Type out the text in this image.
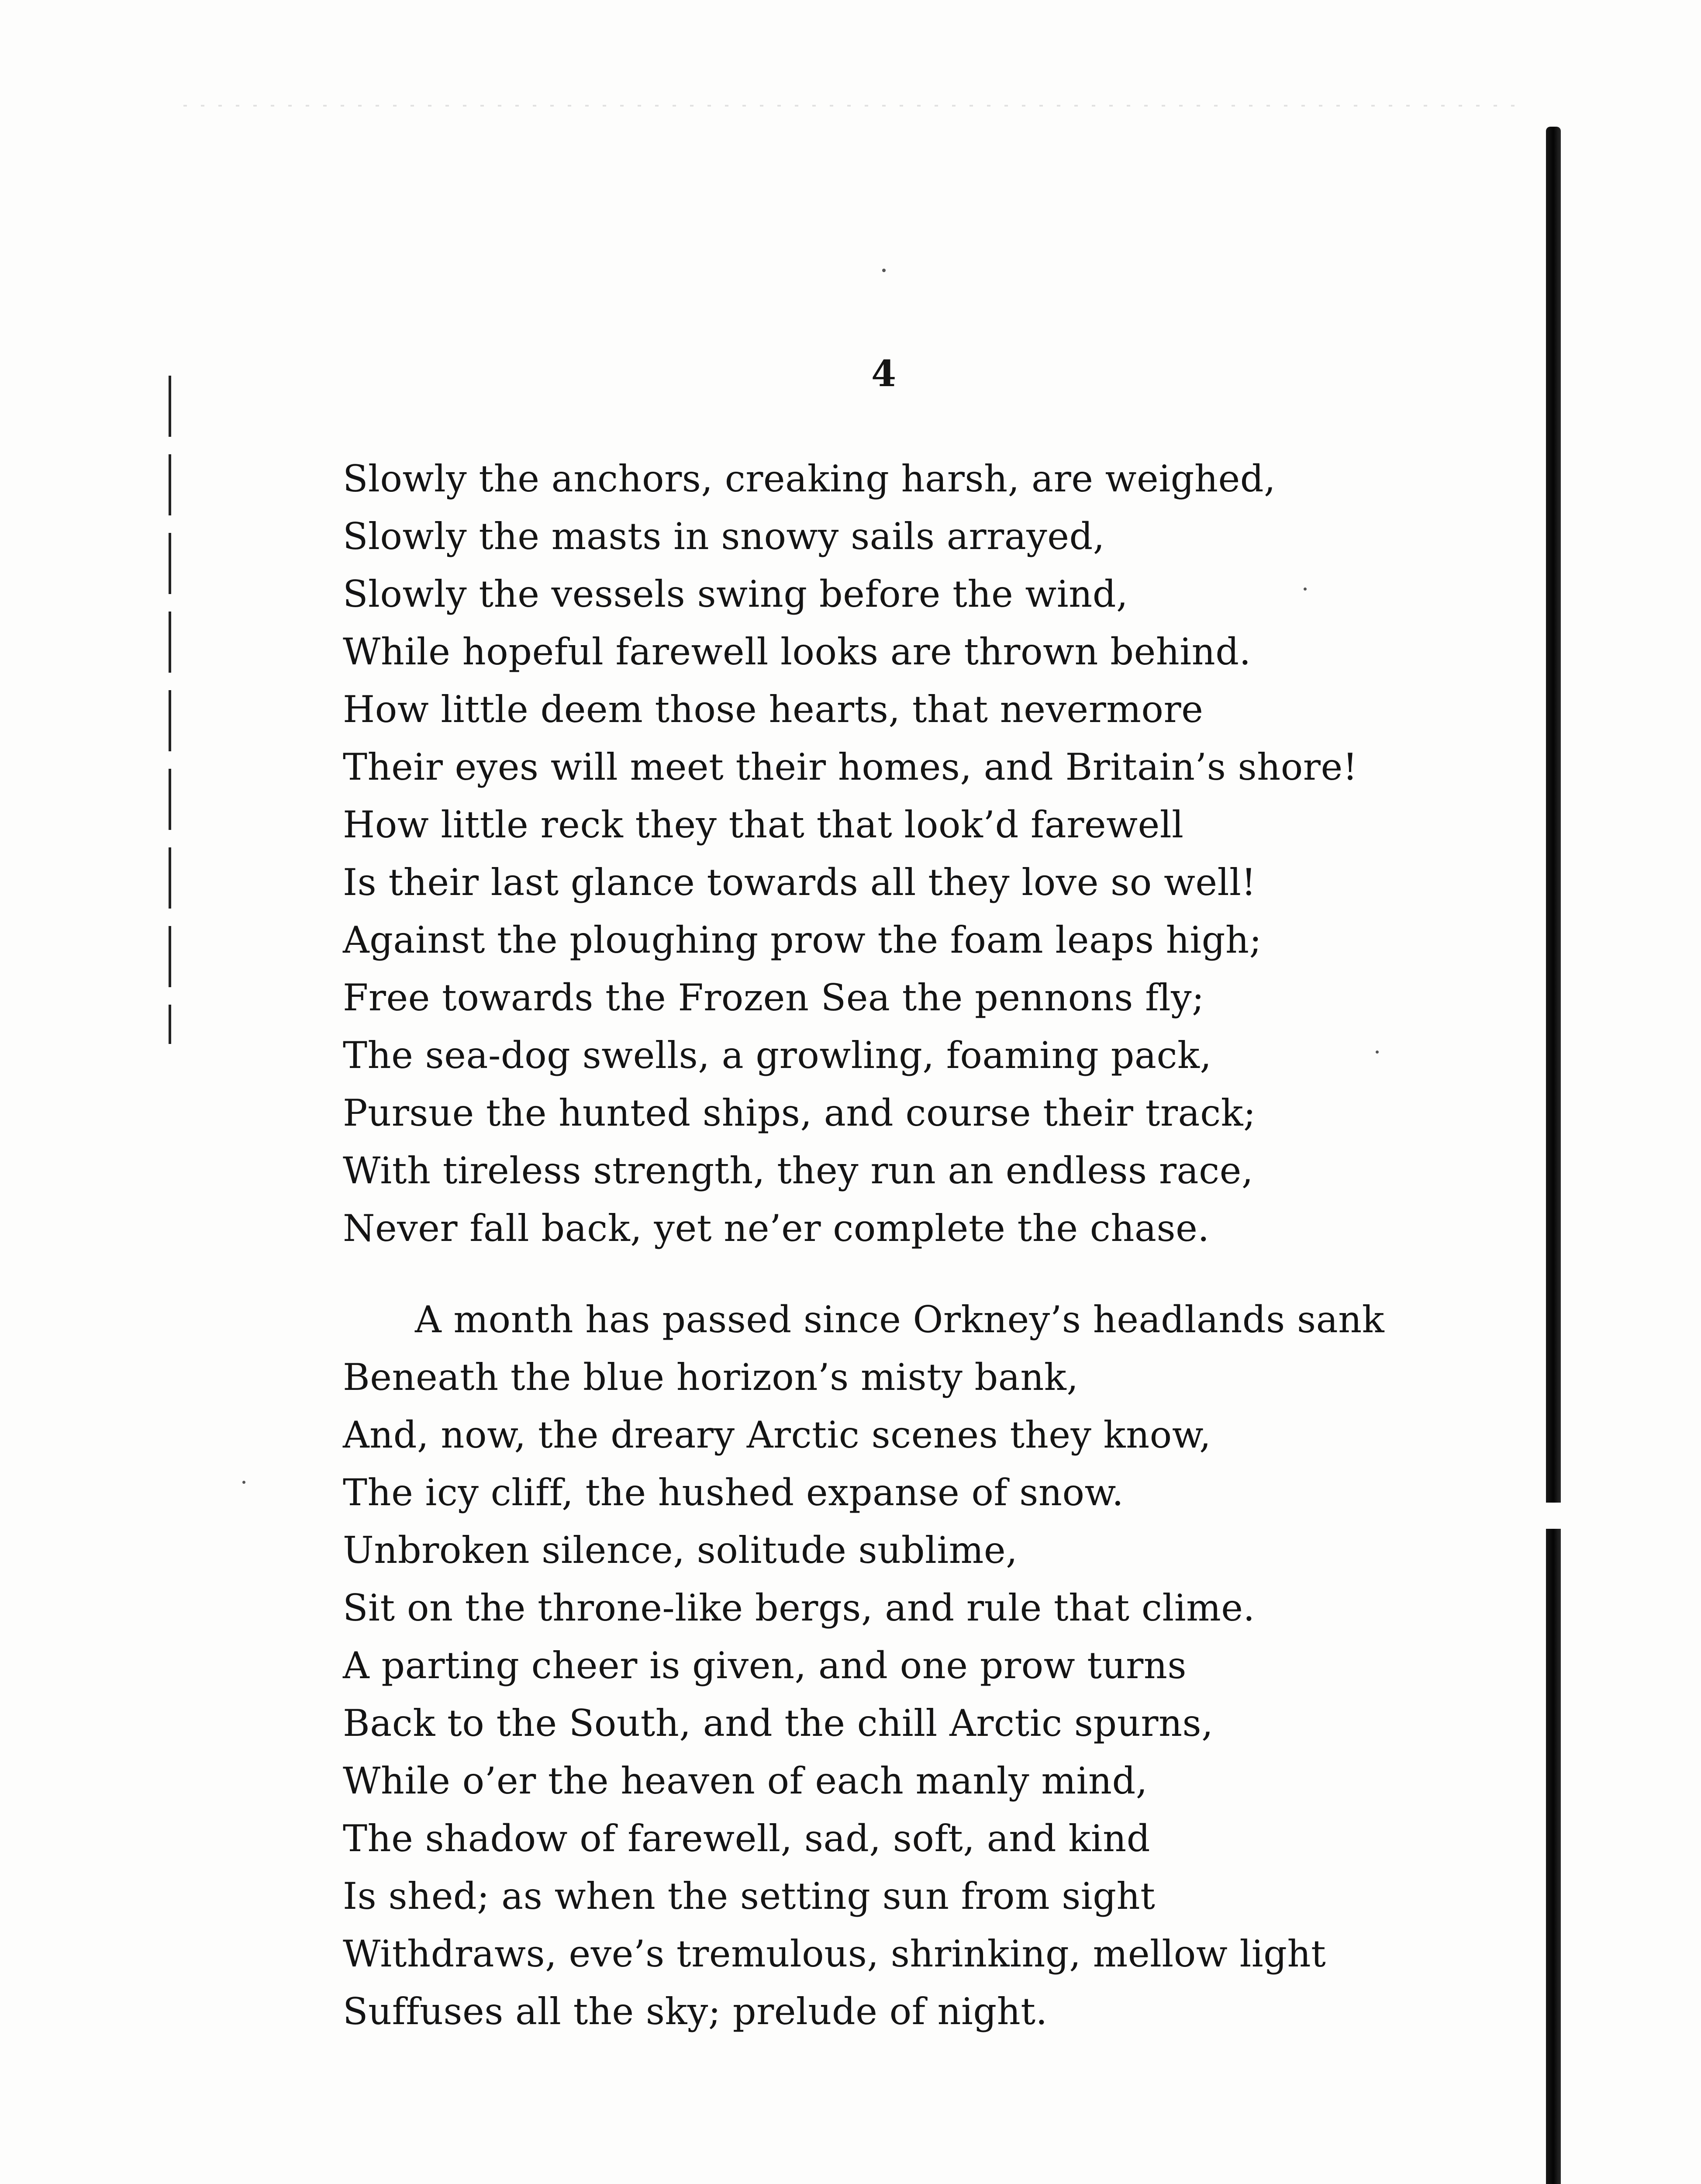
4
Slowly the anchors, creaking harsh, are weighed,
Slowly the masts in snowy sails arrayed,
Slowly the vessels swing before the wind,
While hopeful farewell looks are thrown behind.
How little deem those hearts, that nevermore
Their eyes will meet their homes, and Britain’s shore!
How little reck they that that look’d farewell
Is their last glance towards all they love so well!
Against the ploughing prow the foam leaps high;
Free towards the Frozen Sea the pennons fly;
The sea-dog swells, a growling, foaming pack,
Pursue the hunted ships, and course their track;
With tireless strength, they run an endless race,
Never fall back, yet ne’er complete the chase.
A month has passed since Orkney’s headlands sank
Beneath the blue horizon’s misty bank,
And, now, the dreary Arctic scenes they know,
The icy cliff, the hushed expanse of snow.
Unbroken silence, solitude sublime,
Sit on the throne-like bergs, and rule that clime.
A parting cheer is given, and one prow turns
Back to the South, and the chill Arctic spurns,
While o’er the heaven of each manly mind,
The shadow of farewell, sad, soft, and kind
Is shed; as when the setting sun from sight
Withdraws, eve’s tremulous, shrinking, mellow light
Suffuses all the sky; prelude of night.
